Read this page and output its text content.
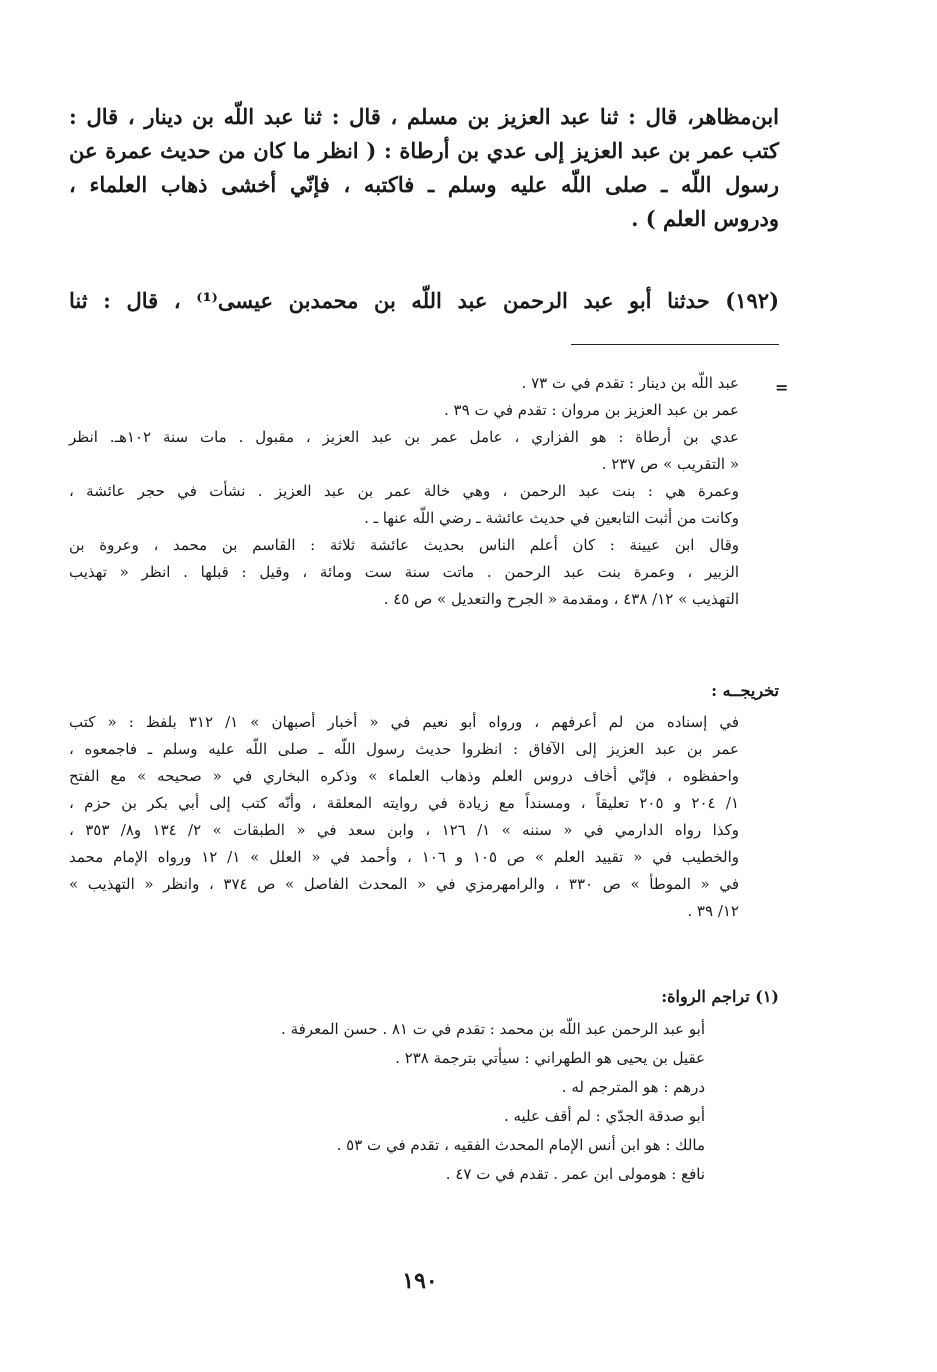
ابن‌مظاهر، قال : ثنا عبد العزيز بن مسلم ، قال : ثنا عبد اللّه بن دينار ، قال :
كتب عمر بن عبد العزيز إلى عدي بن أرطاة : ( انظر ما كان من حديث عمرة عن
رسول اللّه ـ صلى اللّه عليه وسلم ـ فاكتبه ، فإنّي أخشى ذهاب العلماء ،
ودروس العلم ) .
(١٩٢) حدثنا أبو عبد الرحمن عبد اللّه بن محمدبن عيسى⁽¹⁾ ، قال : ثنا
=
عبد اللّه بن دينار : تقدم في ت ٧٣ .
عمر بن عبد العزيز بن مروان : تقدم في ت ٣٩ .
عدي بن أرطاة : هو الفزاري ، عامل عمر بن عبد العزيز ، مقبول . مات سنة ١٠٢هـ. انظر
« التقريب » ص ٢٣٧ .
وعمرة هي : بنت عبد الرحمن ، وهي خالة عمر بن عبد العزيز . نشأت في حجر عائشة ،
وكانت من أثبت التابعين في حديث عائشة ـ رضي اللّه عنها ـ .
وقال ابن عيينة : كان أعلم الناس بحديث عائشة ثلاثة : القاسم بن محمد ، وعروة بن
الزبير ، وعمرة بنت عبد الرحمن . ماتت سنة ست ومائة ، وقيل : قبلها . انظر « تهذيب
التهذيب » ١٢/ ٤٣٨ ، ومقدمة « الجرح والتعديل » ص ٤٥ .
تخريجــه :
في إسناده من لم أعرفهم ، ورواه أبو نعيم في « أخبار أصبهان » ١/ ٣١٢ بلفظ : « كتب
عمر بن عبد العزيز إلى الآفاق : انظروا حديث رسول اللّه ـ صلى اللّه عليه وسلم ـ فاجمعوه ،
واحفظوه ، فإنّي أخاف دروس العلم وذهاب العلماء » وذكره البخاري في « صحيحه » مع الفتح
١/ ٢٠٤ و ٢٠٥ تعليقاً ، ومسنداً مع زيادة في روايته المعلقة ، وأنّه كتب إلى أبي بكر بن حزم ،
وكذا رواه الدارمي في « سننه » ١/ ١٢٦ ، وابن سعد في « الطبقات » ٢/ ١٣٤ و٨/ ٣٥٣ ،
والخطيب في « تقييد العلم » ص ١٠٥ و ١٠٦ ، وأحمد في « العلل » ١/ ١٢ ورواه الإمام محمد
في « الموطأ » ص ٣٣٠ ، والرامهرمزي في « المحدث الفاصل » ص ٣٧٤ ، وانظر « التهذيب »
١٢/ ٣٩ .
(١) تراجم الرواة:
أبو عبد الرحمن عبد اللّه بن محمد : تقدم في ت ٨١ . حسن المعرفة .
عقيل بن يحيى هو الطهراني : سيأتي بترجمة ٢٣٨ .
درهم : هو المترجم له .
أبو صدقة الجدّي : لم أقف عليه .
مالك : هو ابن أنس الإمام المحدث الفقيه ، تقدم في ت ٥٣ .
نافع : هومولى ابن عمر . تقدم في ت ٤٧ .
١٩٠
